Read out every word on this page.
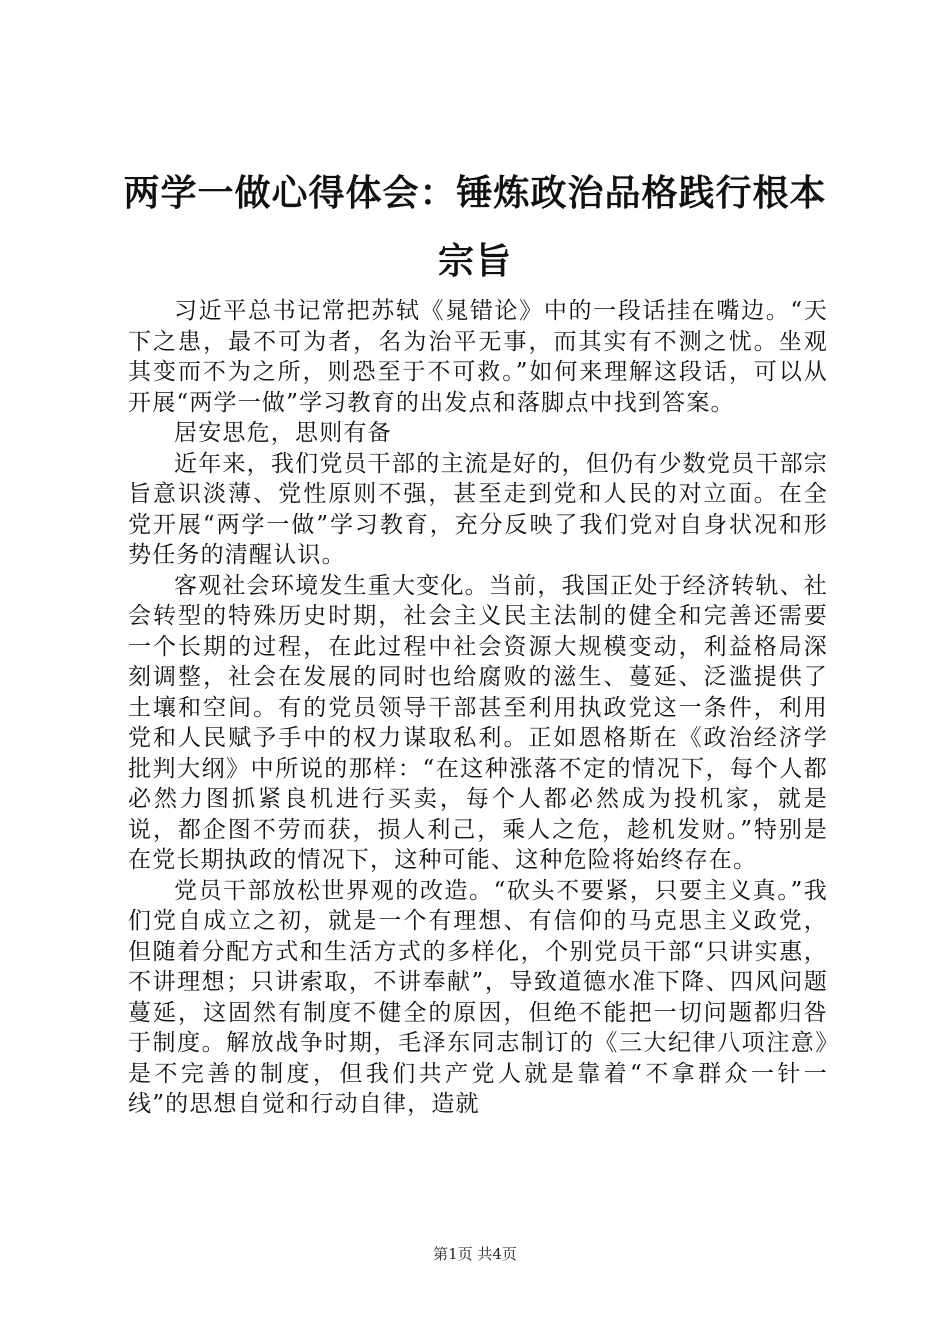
两学一做心得体会：锤炼政治品格践行根本宗旨

习近平总书记常把苏轼《晁错论》中的一段话挂在嘴边。“天下之患，最不可为者，名为治平无事，而其实有不测之忧。坐观其变而不为之所，则恐至于不可救。”如何来理解这段话，可以从开展“两学一做”学习教育的出发点和落脚点中找到答案。

居安思危，思则有备

近年来，我们党员干部的主流是好的，但仍有少数党员干部宗旨意识淡薄、党性原则不强，甚至走到党和人民的对立面。在全党开展“两学一做”学习教育，充分反映了我们党对自身状况和形势任务的清醒认识。

客观社会环境发生重大变化。当前，我国正处于经济转轨、社会转型的特殊历史时期，社会主义民主法制的健全和完善还需要一个长期的过程，在此过程中社会资源大规模变动，利益格局深刻调整，社会在发展的同时也给腐败的滋生、蔓延、泛滥提供了土壤和空间。有的党员领导干部甚至利用执政党这一条件，利用党和人民赋予手中的权力谋取私利。正如恩格斯在《政治经济学批判大纲》中所说的那样：“在这种涨落不定的情况下，每个人都必然力图抓紧良机进行买卖，每个人都必然成为投机家，就是说，都企图不劳而获，损人利己，乘人之危，趁机发财。”特别是在党长期执政的情况下，这种可能、这种危险将始终存在。

党员干部放松世界观的改造。“砍头不要紧，只要主义真。”我们党自成立之初，就是一个有理想、有信仰的马克思主义政党，但随着分配方式和生活方式的多样化，个别党员干部“只讲实惠，不讲理想；只讲索取，不讲奉献”，导致道德水准下降、四风问题蔓延，这固然有制度不健全的原因，但绝不能把一切问题都归咎于制度。解放战争时期，毛泽东同志制订的《三大纪律八项注意》是不完善的制度，但我们共产党人就是靠着“不拿群众一针一线”的思想自觉和行动自律，造就

第1页 共4页
